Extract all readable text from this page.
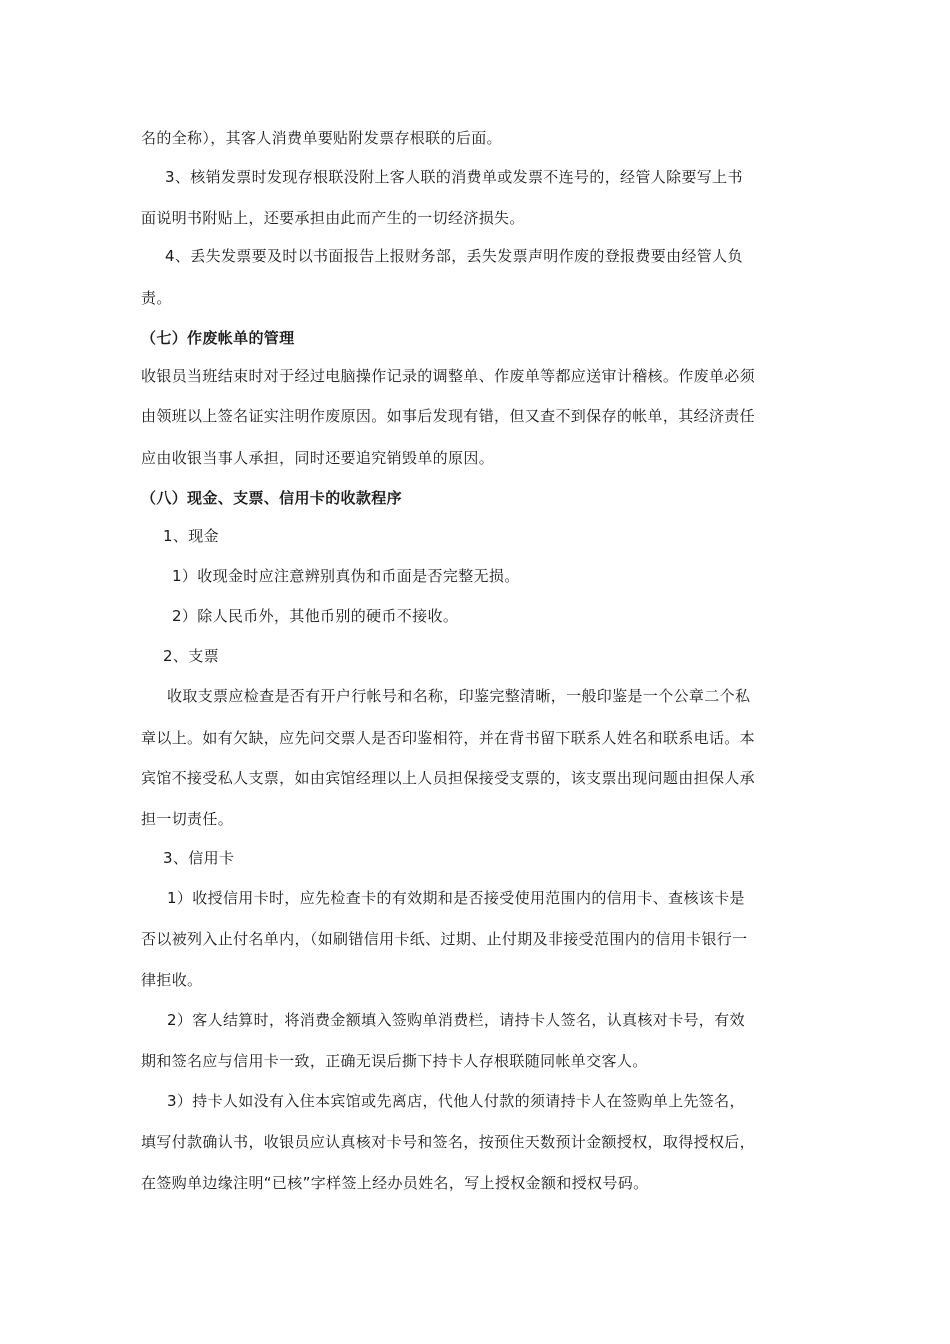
名的全称），其客人消费单要贴附发票存根联的后面。
3、核销发票时发现存根联没附上客人联的消费单或发票不连号的，经管人除要写上书
面说明书附贴上，还要承担由此而产生的一切经济损失。
4、丢失发票要及时以书面报告上报财务部，丢失发票声明作废的登报费要由经管人负
责。
（七）作废帐单的管理
收银员当班结束时对于经过电脑操作记录的调整单、作废单等都应送审计稽核。作废单必须
由领班以上签名证实注明作废原因。如事后发现有错，但又查不到保存的帐单，其经济责任
应由收银当事人承担，同时还要追究销毁单的原因。
（八）现金、支票、信用卡的收款程序
1、现金
1）收现金时应注意辨别真伪和币面是否完整无损。
2）除人民币外，其他币别的硬币不接收。
2、支票
收取支票应检查是否有开户行帐号和名称，印鉴完整清晰，一般印鉴是一个公章二个私
章以上。如有欠缺，应先问交票人是否印鉴相符，并在背书留下联系人姓名和联系电话。本
宾馆不接受私人支票，如由宾馆经理以上人员担保接受支票的，该支票出现问题由担保人承
担一切责任。
3、信用卡
1）收授信用卡时，应先检查卡的有效期和是否接受使用范围内的信用卡、查核该卡是
否以被列入止付名单内，（如刷错信用卡纸、过期、止付期及非接受范围内的信用卡银行一
律拒收。
2）客人结算时，将消费金额填入签购单消费栏，请持卡人签名，认真核对卡号，有效
期和签名应与信用卡一致，正确无误后撕下持卡人存根联随同帐单交客人。
3）持卡人如没有入住本宾馆或先离店，代他人付款的须请持卡人在签购单上先签名，
填写付款确认书，收银员应认真核对卡号和签名，按预住天数预计金额授权，取得授权后，
在签购单边缘注明“已核”字样签上经办员姓名，写上授权金额和授权号码。
